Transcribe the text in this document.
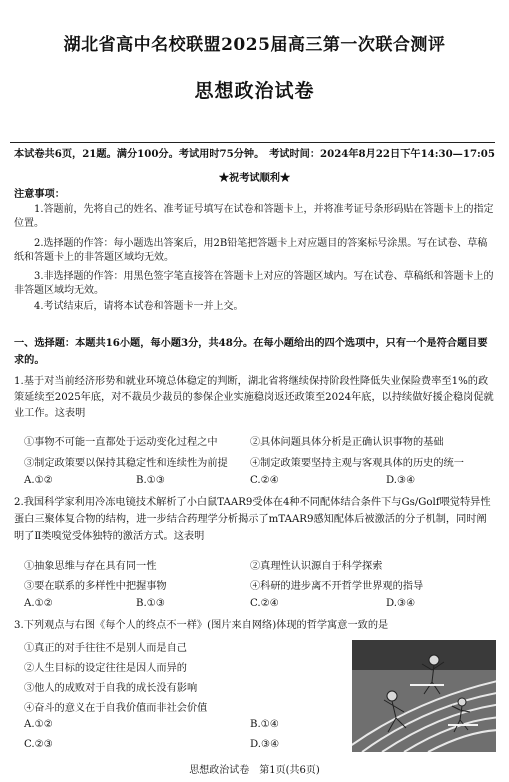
湖北省高中名校联盟2025届高三第一次联合测评
思想政治试卷
本试卷共6页，21题。满分100分。考试用时75分钟。 考试时间：2024年8月22日下午14:30—17:05
★祝考试顺利★
注意事项：
1.答题前，先将自己的姓名、准考证号填写在试卷和答题卡上，并将准考证号条形码贴在答题卡上的指定位置。
2.选择题的作答：每小题选出答案后，用2B铅笔把答题卡上对应题目的答案标号涂黑。写在试卷、草稿纸和答题卡上的非答题区域均无效。
3.非选择题的作答：用黑色签字笔直接答在答题卡上对应的答题区域内。写在试卷、草稿纸和答题卡上的非答题区域均无效。
4.考试结束后，请将本试卷和答题卡一并上交。
一、选择题：本题共16小题，每小题3分，共48分。在每小题给出的四个选项中，只有一个是符合题目要求的。
1.基于对当前经济形势和就业环境总体稳定的判断，湖北省将继续保持阶段性降低失业保险费率至1%的政策延续至2025年底，对不裁员少裁员的参保企业实施稳岗返还政策至2024年底，以持续做好援企稳岗促就业工作。这表明
①事物不可能一直都处于运动变化过程之中	②具体问题具体分析是正确认识事物的基础
③制定政策要以保持其稳定性和连续性为前提 ④制定政策要坚持主观与客观具体的历史的统一
A.①②	B.①③	C.②④	D.③④
2.我国科学家利用冷冻电镜技术解析了小白鼠TAAR9受体在4种不同配体结合条件下与Gs/Golf喂觉特异性蛋白三聚体复合物的结构，进一步结合药理学分析揭示了mTAAR9感知配体后被激活的分子机制，同时阐明了Ⅱ类嗅觉受体独特的激活方式。这表明
①抽象思维与存在具有同一性	②真理性认识源自于科学探索
③要在联系的多样性中把握事物	④科研的进步离不开哲学世界观的指导
A.①②	B.①③	C.②④	D.③④
3.下列观点与右图《每个人的终点不一样》(图片来自网络)体现的哲学寓意一致的是
①真正的对手往往不是别人而是自己
②人生目标的设定往往是因人而异的
③他人的成败对于自我的成长没有影响
④奋斗的意义在于自我价值而非社会价值
A.①②	B.①④
C.②③	D.③④
思想政治试卷　第1页(共6页)
